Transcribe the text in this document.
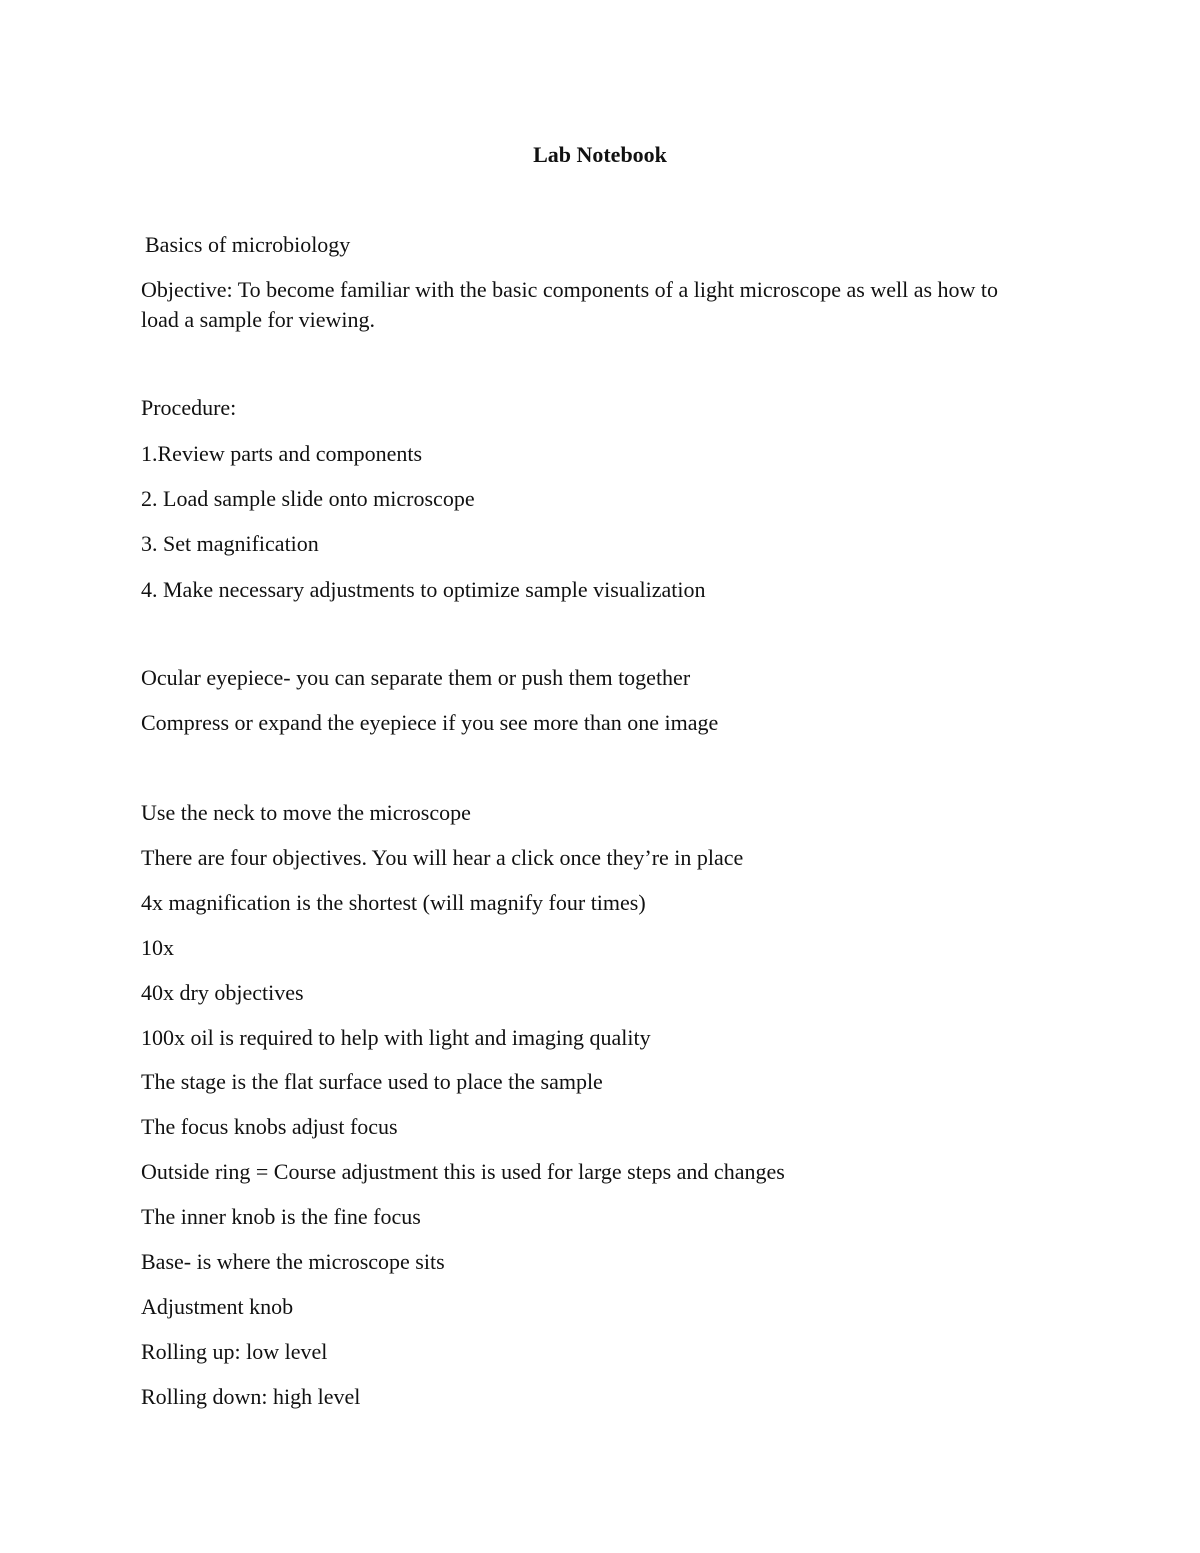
Lab Notebook
Basics of microbiology
Objective: To become familiar with the basic components of a light microscope as well as how to
load a sample for viewing.
Procedure:
1.Review parts and components
2. Load sample slide onto microscope
3. Set magnification
4. Make necessary adjustments to optimize sample visualization
Ocular eyepiece- you can separate them or push them together
Compress or expand the eyepiece if you see more than one image
Use the neck to move the microscope
There are four objectives. You will hear a click once they’re in place
4x magnification is the shortest (will magnify four times)
10x
40x dry objectives
100x oil is required to help with light and imaging quality
The stage is the flat surface used to place the sample
The focus knobs adjust focus
Outside ring = Course adjustment this is used for large steps and changes
The inner knob is the fine focus
Base- is where the microscope sits
Adjustment knob
Rolling up: low level
Rolling down: high level
